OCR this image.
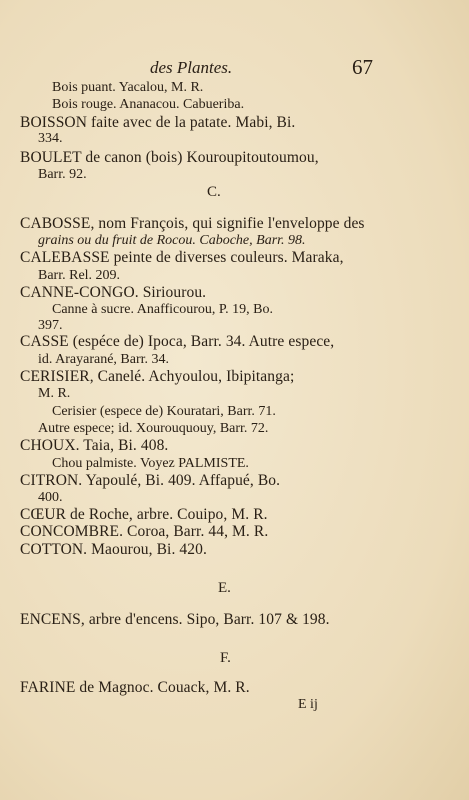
des Plantes.	67
Bois puant. Yacalou, M. R.
Bois rouge. Ananacou. Cabueriba.
BOISSON faite avec de la patate. Mabi, Bi.
334.
BOULET de canon (bois) Kouroupitoutoumou,
Barr. 92.
C.
CABOSSE, nom François, qui signifie l'enveloppe des
grains ou du fruit de Rocou. Caboche, Barr. 98.
CALEBASSE peinte de diverses couleurs. Maraka,
Barr. Rel. 209.
CANNE-CONGO. Siriourou.
Canne à sucre. Anafficourou, P. 19, Bo.
397.
CASSE (espéce de) Ipoca, Barr. 34. Autre espece,
id. Arayarané, Barr. 34.
CERISIER, Canelé. Achyoulou, Ibipitanga;
M. R.
Cerisier (espece de) Kouratari, Barr. 71.
Autre espece; id. Xourouquouy, Barr. 72.
CHOUX. Taia, Bi. 408.
Chou palmiste. Voyez PALMISTE.
CITRON. Yapoulé, Bi. 409. Affapué, Bo.
400.
CŒUR de Roche, arbre. Couipo, M. R.
CONCOMBRE. Coroa, Barr. 44, M. R.
COTTON. Maourou, Bi. 420.
E.
ENCENS, arbre d'encens. Sipo, Barr. 107 & 198.
F.
FARINE de Magnoc. Couack, M. R.
E ij
